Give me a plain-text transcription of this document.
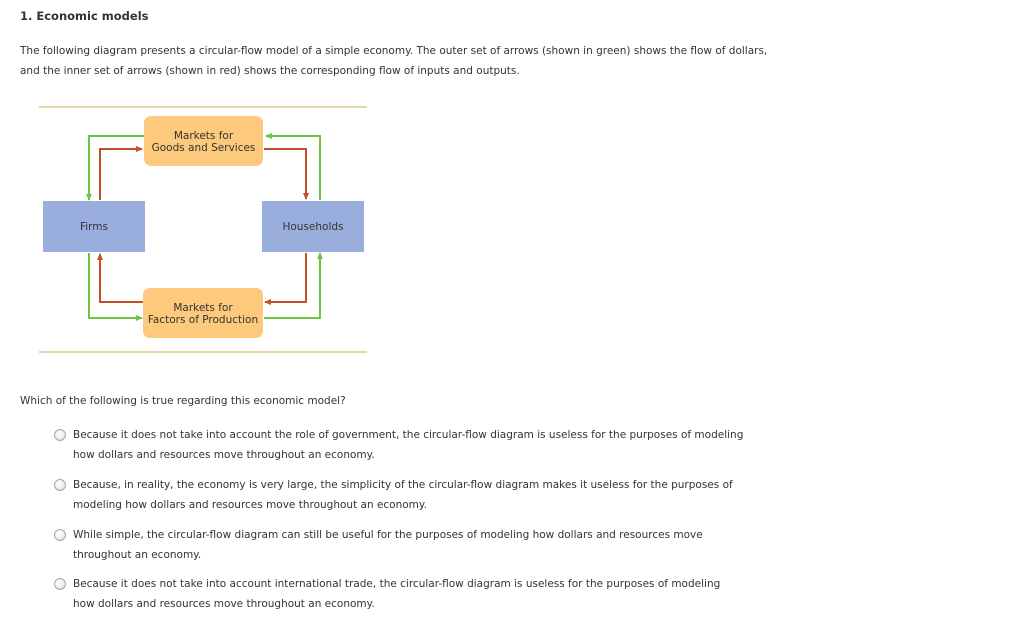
1. Economic models
The following diagram presents a circular-flow model of a simple economy. The outer set of arrows (shown in green) shows the flow of dollars, and the inner set of arrows (shown in red) shows the corresponding flow of inputs and outputs.
Markets for
Goods and Services
Markets for
Factors of Production
Firms	Households
Which of the following is true regarding this economic model?
Because it does not take into account the role of government, the circular-flow diagram is useless for the purposes of modeling how dollars and resources move throughout an economy.
Because, in reality, the economy is very large, the simplicity of the circular-flow diagram makes it useless for the purposes of modeling how dollars and resources move throughout an economy.
While simple, the circular-flow diagram can still be useful for the purposes of modeling how dollars and resources move throughout an economy.
Because it does not take into account international trade, the circular-flow diagram is useless for the purposes of modeling how dollars and resources move throughout an economy.
